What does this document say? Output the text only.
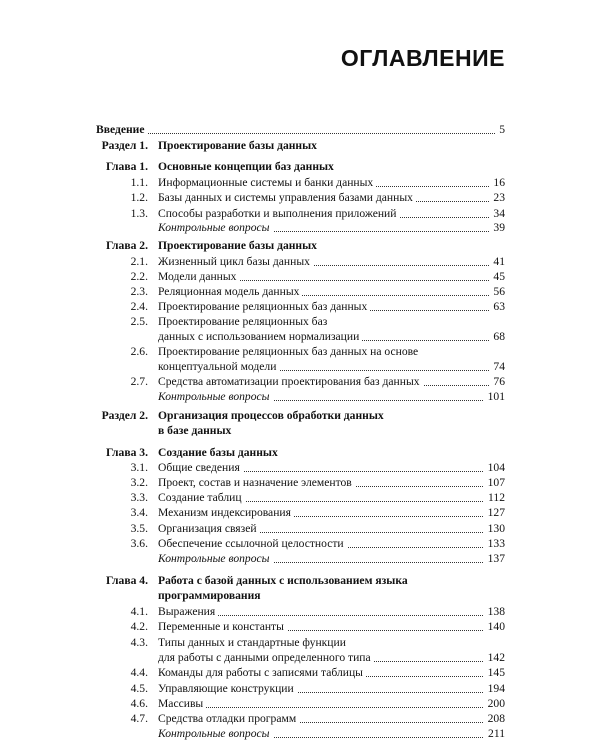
ОГЛАВЛЕНИЕ
Введение	5
Раздел 1. Проектирование базы данных
Глава 1. Основные концепции баз данных
1.1. Информационные системы и банки данных	16
1.2. Базы данных и системы управления базами данных	23
1.3. Способы разработки и выполнения приложений	34
Контрольные вопросы	39
Глава 2. Проектирование базы данных
2.1. Жизненный цикл базы данных	41
2.2. Модели данных	45
2.3. Реляционная модель данных	56
2.4. Проектирование реляционных баз данных	63
2.5. Проектирование реляционных баз
данных с использованием нормализации	68
2.6. Проектирование реляционных баз данных на основе
концептуальной модели	74
2.7. Средства автоматизации проектирования баз данных	76
Контрольные вопросы	101
Раздел 2. Организация процессов обработки данных
в базе данных
Глава 3. Создание базы данных
3.1. Общие сведения	104
3.2. Проект, состав и назначение элементов	107
3.3. Создание таблиц	112
3.4. Механизм индексирования	127
3.5. Организация связей	130
3.6. Обеспечение ссылочной целостности	133
Контрольные вопросы	137
Глава 4. Работа с базой данных с использованием языка
программирования
4.1. Выражения	138
4.2. Переменные и константы	140
4.3. Типы данных и стандартные функции
для работы с данными определенного типа	142
4.4. Команды для работы с записями таблицы	145
4.5. Управляющие конструкции	194
4.6. Массивы	200
4.7. Средства отладки программ	208
Контрольные вопросы	211
